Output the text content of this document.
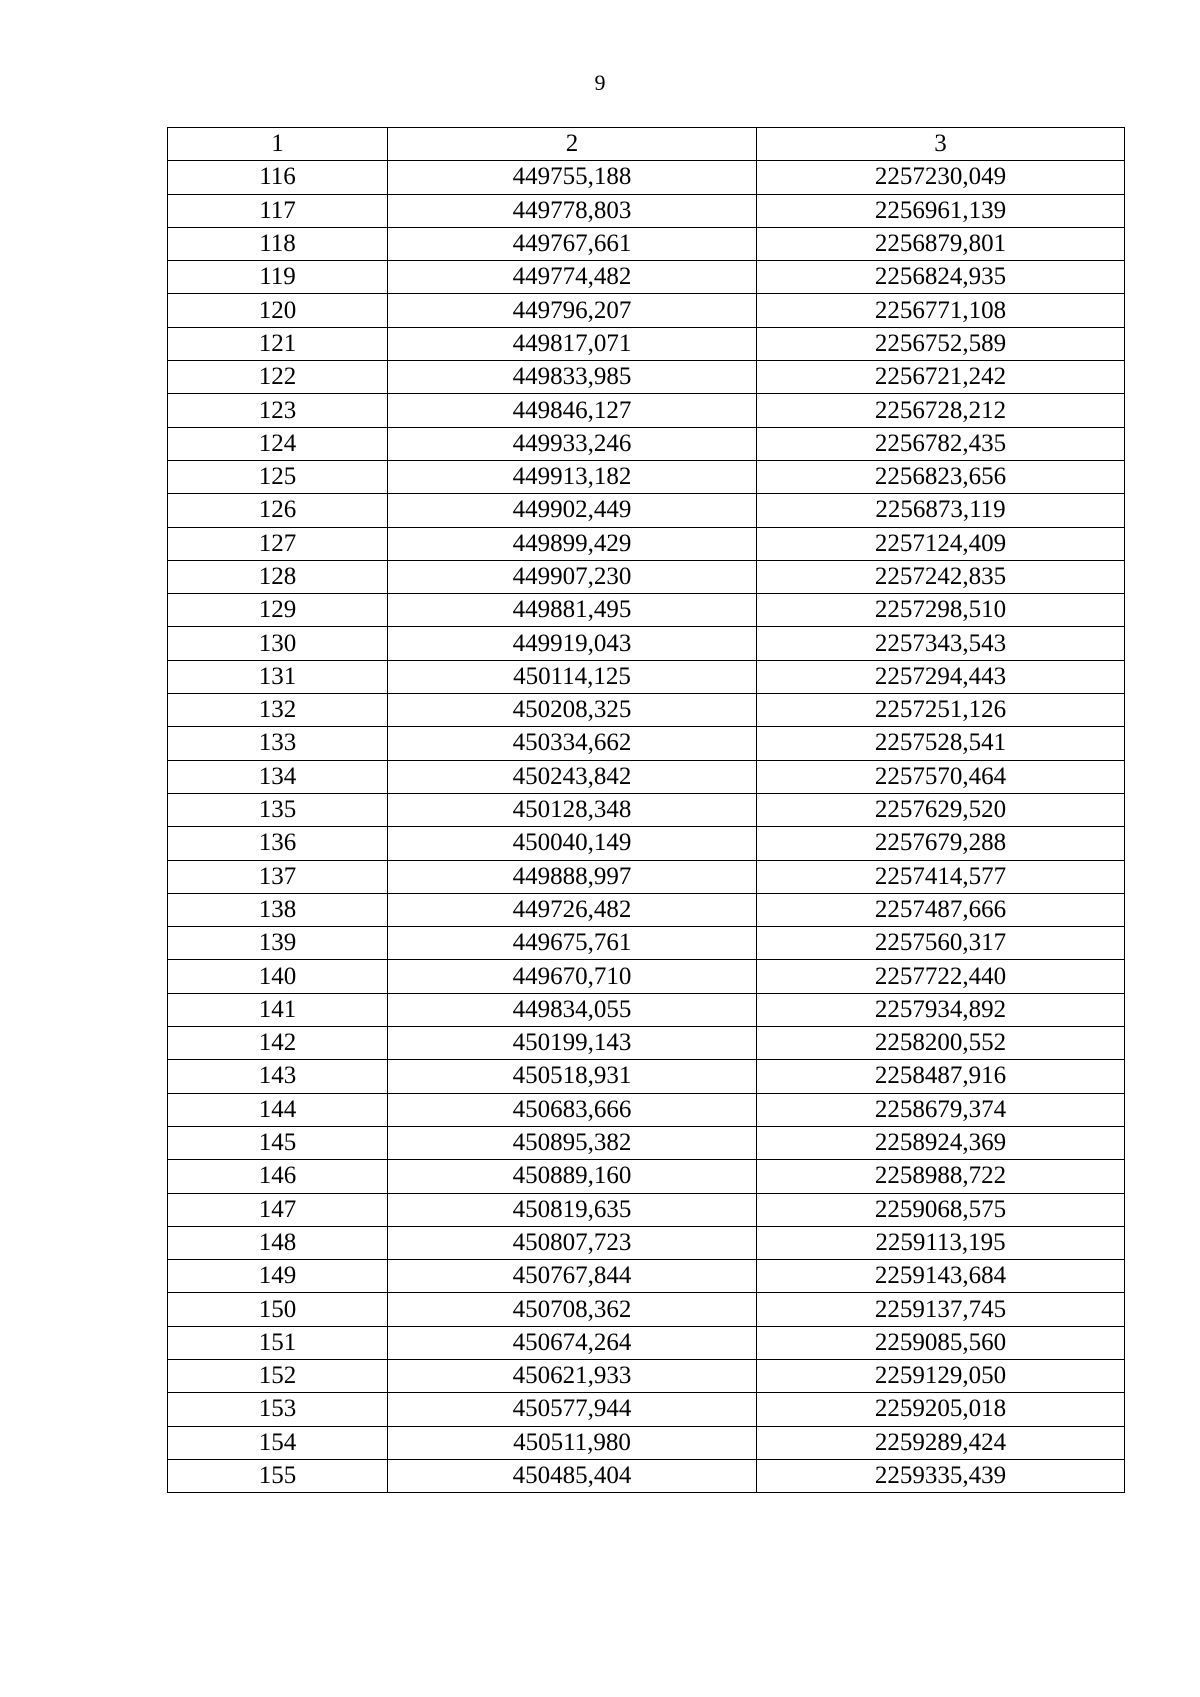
9
1	2	3
116	449755,188	2257230,049
117	449778,803	2256961,139
118	449767,661	2256879,801
119	449774,482	2256824,935
120	449796,207	2256771,108
121	449817,071	2256752,589
122	449833,985	2256721,242
123	449846,127	2256728,212
124	449933,246	2256782,435
125	449913,182	2256823,656
126	449902,449	2256873,119
127	449899,429	2257124,409
128	449907,230	2257242,835
129	449881,495	2257298,510
130	449919,043	2257343,543
131	450114,125	2257294,443
132	450208,325	2257251,126
133	450334,662	2257528,541
134	450243,842	2257570,464
135	450128,348	2257629,520
136	450040,149	2257679,288
137	449888,997	2257414,577
138	449726,482	2257487,666
139	449675,761	2257560,317
140	449670,710	2257722,440
141	449834,055	2257934,892
142	450199,143	2258200,552
143	450518,931	2258487,916
144	450683,666	2258679,374
145	450895,382	2258924,369
146	450889,160	2258988,722
147	450819,635	2259068,575
148	450807,723	2259113,195
149	450767,844	2259143,684
150	450708,362	2259137,745
151	450674,264	2259085,560
152	450621,933	2259129,050
153	450577,944	2259205,018
154	450511,980	2259289,424
155	450485,404	2259335,439
